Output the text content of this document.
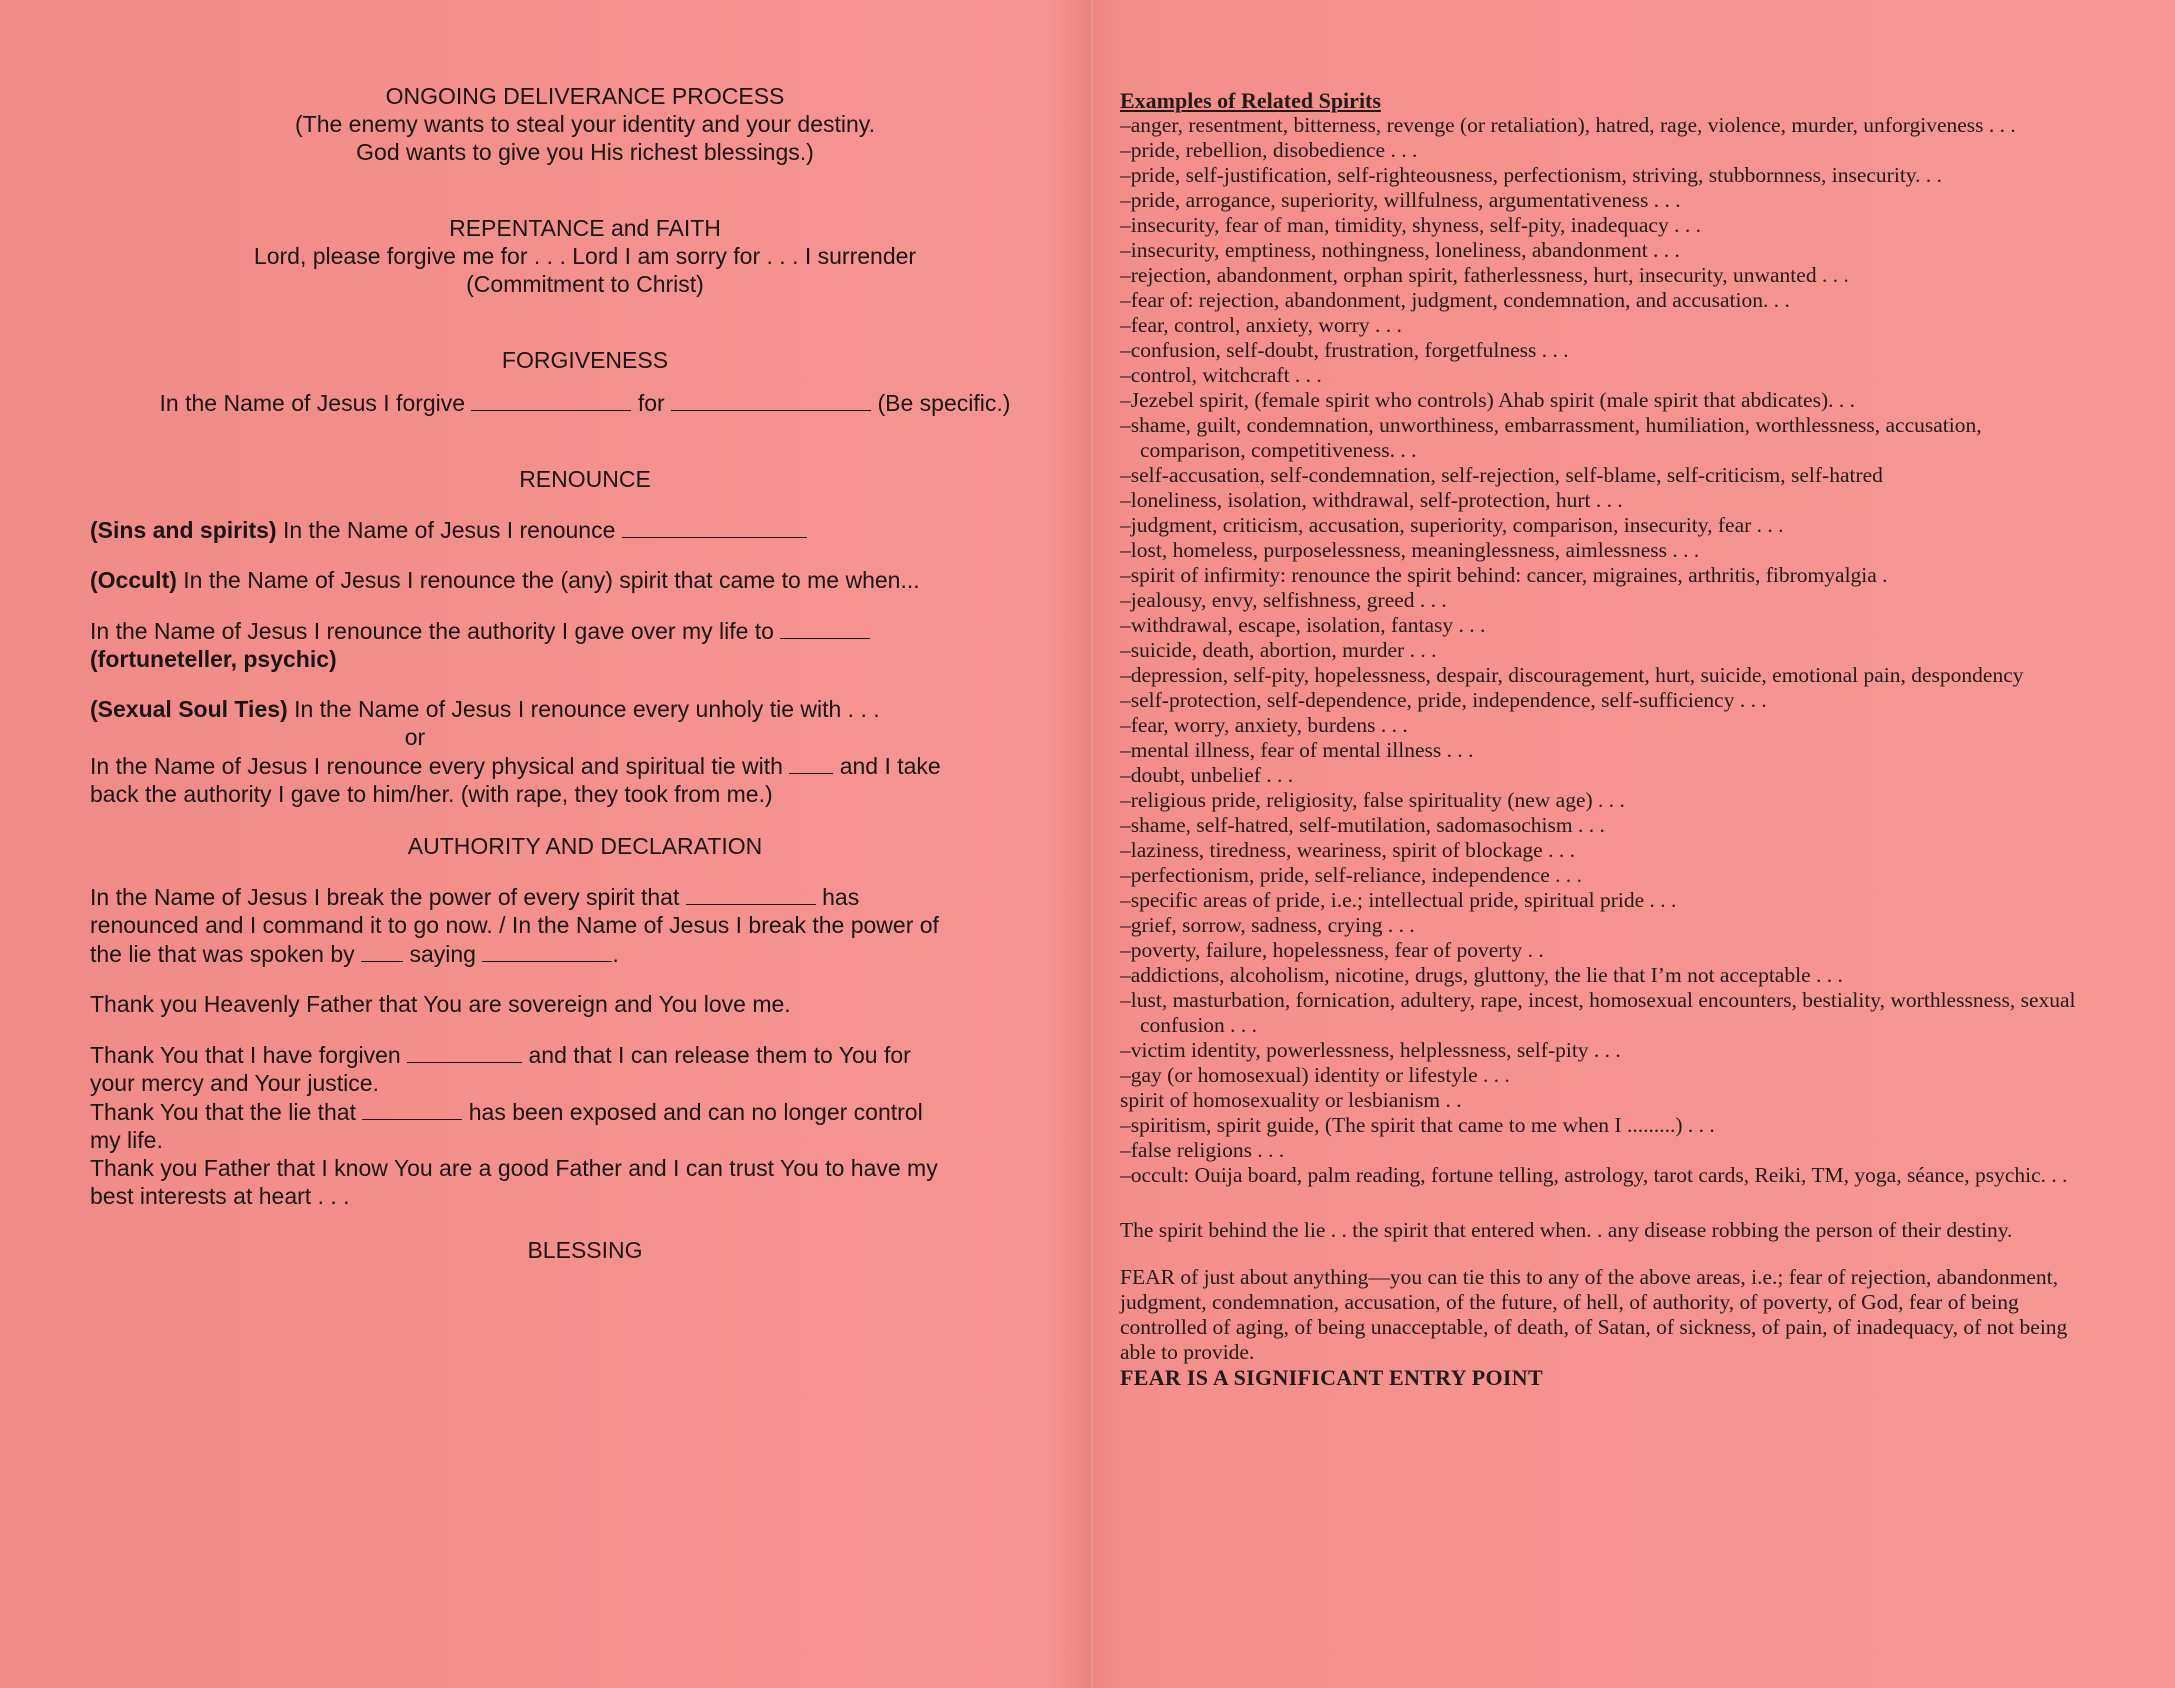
ONGOING DELIVERANCE PROCESS
(The enemy wants to steal your identity and your destiny.
God wants to give you His richest blessings.)
REPENTANCE and FAITH
Lord, please forgive me for . . . Lord I am sorry for . . . I surrender
(Commitment to Christ)
FORGIVENESS
In the Name of Jesus I forgive	for	(Be specific.)
RENOUNCE
(Sins and spirits) In the Name of Jesus I renounce
(Occult) In the Name of Jesus I renounce the (any) spirit that came to me when...
In the Name of Jesus I renounce the authority I gave over my life to
(fortuneteller, psychic)
(Sexual Soul Ties) In the Name of Jesus I renounce every unholy tie with . . .
or
In the Name of Jesus I renounce every physical and spiritual tie with and I take
back the authority I gave to him/her. (with rape, they took from me.)
AUTHORITY AND DECLARATION
In the Name of Jesus I break the power of every spirit that	has
renounced and I command it to go now. / In the Name of Jesus I break the power of
the lie that was spoken by saying	.
Thank you Heavenly Father that You are sovereign and You love me.
Thank You that I have forgiven	and that I can release them to You for
your mercy and Your justice.
Thank You that the lie that	has been exposed and can no longer control
my life.
Thank you Father that I know You are a good Father and I can trust You to have my
best interests at heart . . .
BLESSING
Examples of Related Spirits
–anger, resentment, bitterness, revenge (or retaliation), hatred, rage, violence, murder, unforgiveness . . .
–pride, rebellion, disobedience . . .
–pride, self-justification, self-righteousness, perfectionism, striving, stubbornness, insecurity. . .
–pride, arrogance, superiority, willfulness, argumentativeness . . .
–insecurity, fear of man, timidity, shyness, self-pity, inadequacy . . .
–insecurity, emptiness, nothingness, loneliness, abandonment . . .
–rejection, abandonment, orphan spirit, fatherlessness, hurt, insecurity, unwanted . . .
–fear of: rejection, abandonment, judgment, condemnation, and accusation. . .
–fear, control, anxiety, worry . . .
–confusion, self-doubt, frustration, forgetfulness . . .
–control, witchcraft . . .
–Jezebel spirit, (female spirit who controls) Ahab spirit (male spirit that abdicates). . .
–shame, guilt, condemnation, unworthiness, embarrassment, humiliation, worthlessness, accusation, comparison, competitiveness. . .
–self-accusation, self-condemnation, self-rejection, self-blame, self-criticism, self-hatred
–loneliness, isolation, withdrawal, self-protection, hurt . . .
–judgment, criticism, accusation, superiority, comparison, insecurity, fear . . .
–lost, homeless, purposelessness, meaninglessness, aimlessness . . .
–spirit of infirmity: renounce the spirit behind: cancer, migraines, arthritis, fibromyalgia .
–jealousy, envy, selfishness, greed . . .
–withdrawal, escape, isolation, fantasy . . .
–suicide, death, abortion, murder . . .
–depression, self-pity, hopelessness, despair, discouragement, hurt, suicide, emotional pain, despondency
–self-protection, self-dependence, pride, independence, self-sufficiency . . .
–fear, worry, anxiety, burdens . . .
–mental illness, fear of mental illness . . .
–doubt, unbelief . . .
–religious pride, religiosity, false spirituality (new age) . . .
–shame, self-hatred, self-mutilation, sadomasochism . . .
–laziness, tiredness, weariness, spirit of blockage . . .
–perfectionism, pride, self-reliance, independence . . .
–specific areas of pride, i.e.; intellectual pride, spiritual pride . . .
–grief, sorrow, sadness, crying . . .
–poverty, failure, hopelessness, fear of poverty . .
–addictions, alcoholism, nicotine, drugs, gluttony, the lie that I’m not acceptable . . .
–lust, masturbation, fornication, adultery, rape, incest, homosexual encounters, bestiality, worthlessness, sexual confusion . . .
–victim identity, powerlessness, helplessness, self-pity . . .
–gay (or homosexual) identity or lifestyle . . .
spirit of homosexuality or lesbianism . .
–spiritism, spirit guide, (The spirit that came to me when I .........) . . .
–false religions . . .
–occult: Ouija board, palm reading, fortune telling, astrology, tarot cards, Reiki, TM, yoga, séance, psychic. . .
The spirit behind the lie . . the spirit that entered when. . any disease robbing the person of their destiny.
FEAR of just about anything—you can tie this to any of the above areas, i.e.; fear of rejection, abandonment, judgment, condemnation, accusation, of the future, of hell, of authority, of poverty, of God, fear of being controlled of aging, of being unacceptable, of death, of Satan, of sickness, of pain, of inadequacy, of not being able to provide.
FEAR IS A SIGNIFICANT ENTRY POINT
